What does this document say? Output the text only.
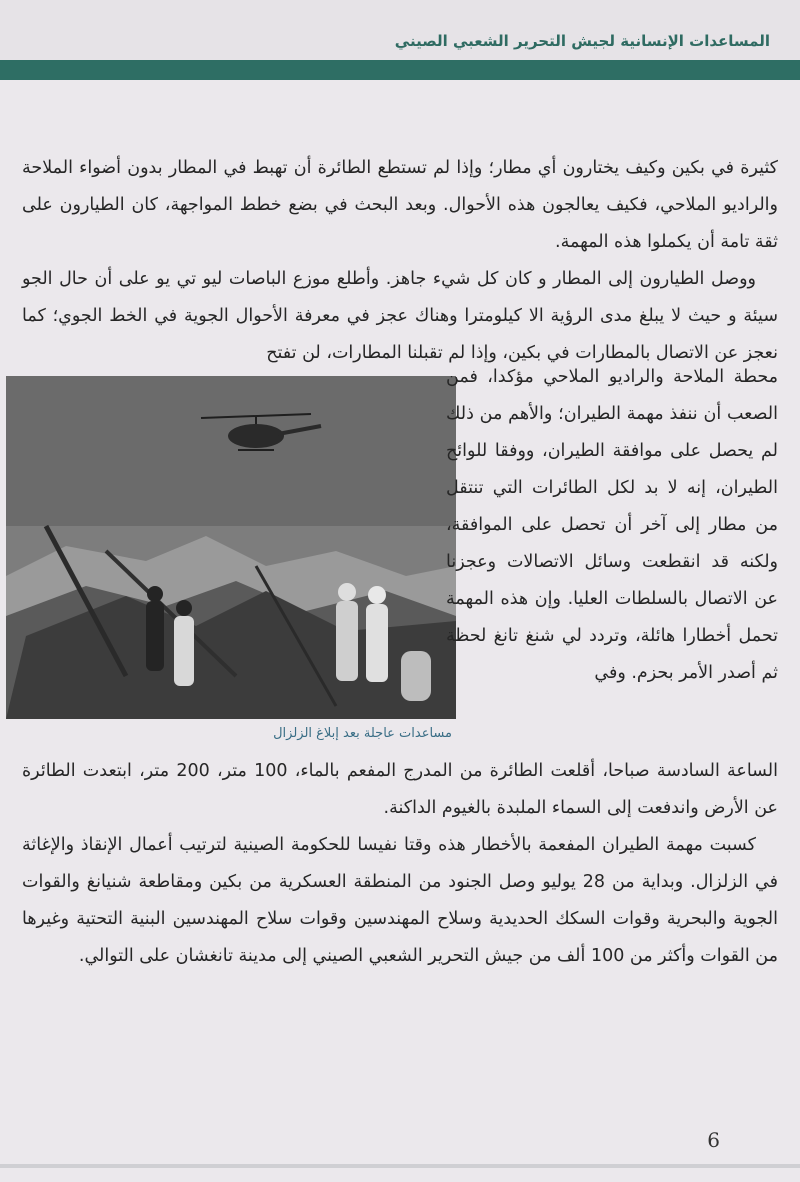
المساعدات الإنسانية لجيش التحرير الشعبي الصيني

كثيرة في بكين وكيف يختارون أي مطار؛ وإذا لم تستطع الطائرة أن تهبط في المطار بدون أضواء الملاحة والراديو الملاحي، فكيف يعالجون هذه الأحوال. وبعد البحث في بضع خطط المواجهة، كان الطيارون على ثقة تامة أن يكملوا هذه المهمة.

ووصل الطيارون إلى المطار و كان كل شيء جاهز. وأطلع موزع الباصات ليو تي يو على أن حال الجو سيئة و حيث لا يبلغ مدى الرؤية الا كيلومترا وهناك عجز في معرفة الأحوال الجوية في الخط الجوي؛ كما نعجز عن الاتصال بالمطارات في بكين، وإذا لم تقبلنا المطارات، لن تفتح

مساعدات عاجلة بعد إبلاغ الزلزال

محطة الملاحة والراديو الملاحي مؤكدا، فمن الصعب أن ننفذ مهمة الطيران؛ والأهم من ذلك لم يحصل على موافقة الطيران، ووفقا للوائح الطيران، إنه لا بد لكل الطائرات التي تنتقل من مطار إلى آخر أن تحصل على الموافقة، ولكنه قد انقطعت وسائل الاتصالات وعجزنا عن الاتصال بالسلطات العليا. وإن هذه المهمة تحمل أخطارا هائلة، وتردد لي شنغ تانغ لحظة ثم أصدر الأمر بحزم. وفي

الساعة السادسة صباحا، أقلعت الطائرة من المدرج المفعم بالماء، 100 متر، 200 متر، ابتعدت الطائرة عن الأرض واندفعت إلى السماء الملبدة بالغيوم الداكنة.

كسبت مهمة الطيران المفعمة بالأخطار هذه وقتا نفيسا للحكومة الصينية لترتيب أعمال الإنقاذ والإغاثة في الزلزال. وبداية من 28 يوليو وصل الجنود من المنطقة العسكرية من بكين ومقاطعة شنيانغ والقوات الجوية والبحرية وقوات السكك الحديدية وسلاح المهندسين وقوات سلاح المهندسين البنية التحتية وغيرها من القوات وأكثر من 100 ألف من جيش التحرير الشعبي الصيني إلى مدينة تانغشان على التوالي.

6
